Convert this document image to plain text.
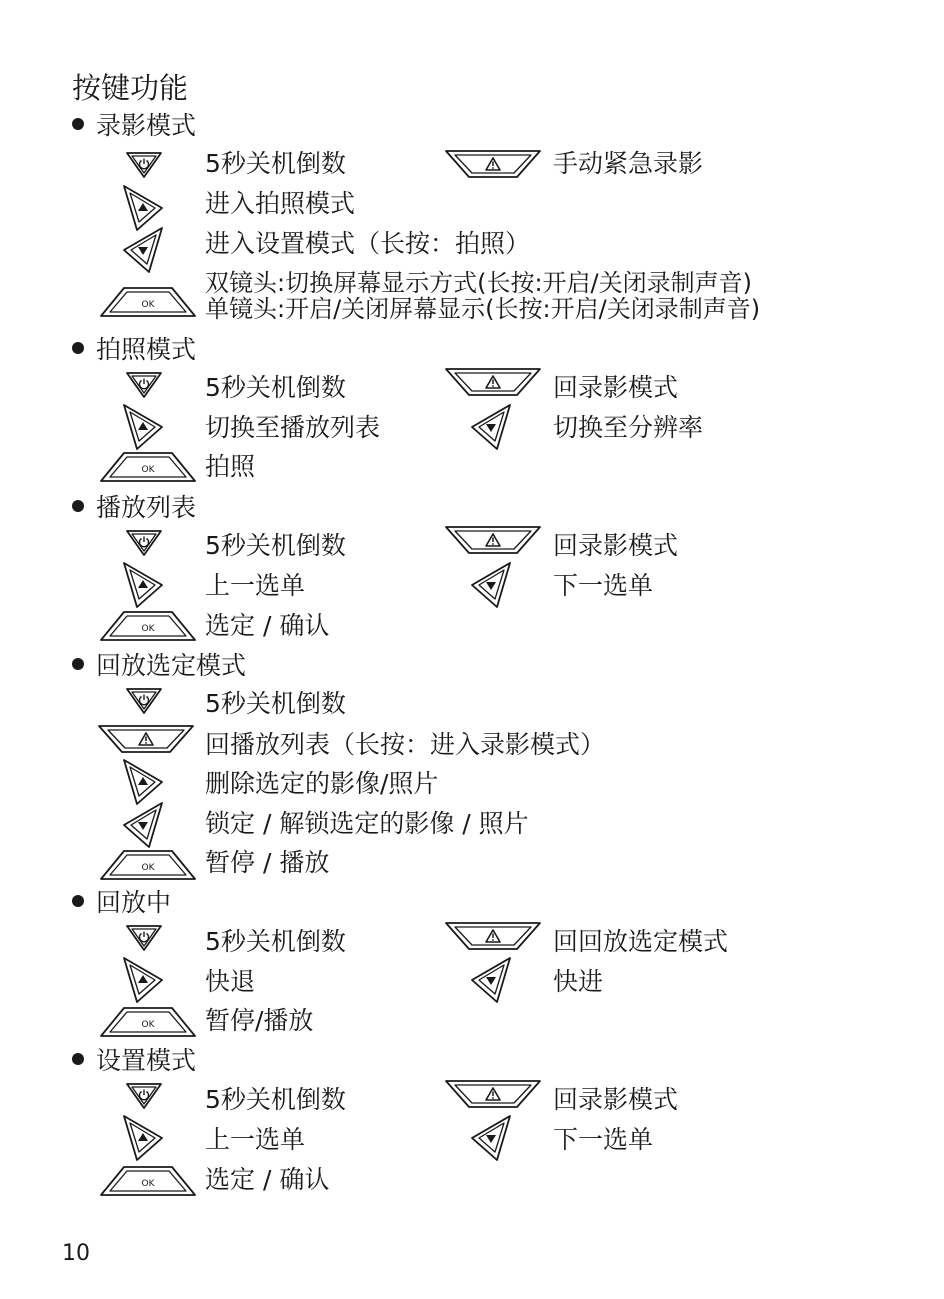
按键功能
录影模式
5秒关机倒数	手动紧急录影
进入拍照模式
进入设置模式（长按：拍照）
双镜头:切换屏幕显示方式(长按:开启/关闭录制声音)
单镜头:开启/关闭屏幕显示(长按:开启/关闭录制声音)
拍照模式
5秒关机倒数	回录影模式
切换至播放列表	切换至分辨率
拍照
播放列表
5秒关机倒数	回录影模式
上一选单	下一选单
选定 / 确认
回放选定模式
5秒关机倒数
回播放列表（长按：进入录影模式）
删除选定的影像/照片
锁定 / 解锁选定的影像 / 照片
暂停 / 播放
回放中
5秒关机倒数	回回放选定模式
快退	快进
暂停/播放
设置模式
5秒关机倒数	回录影模式
上一选单	下一选单
选定 / 确认
10
